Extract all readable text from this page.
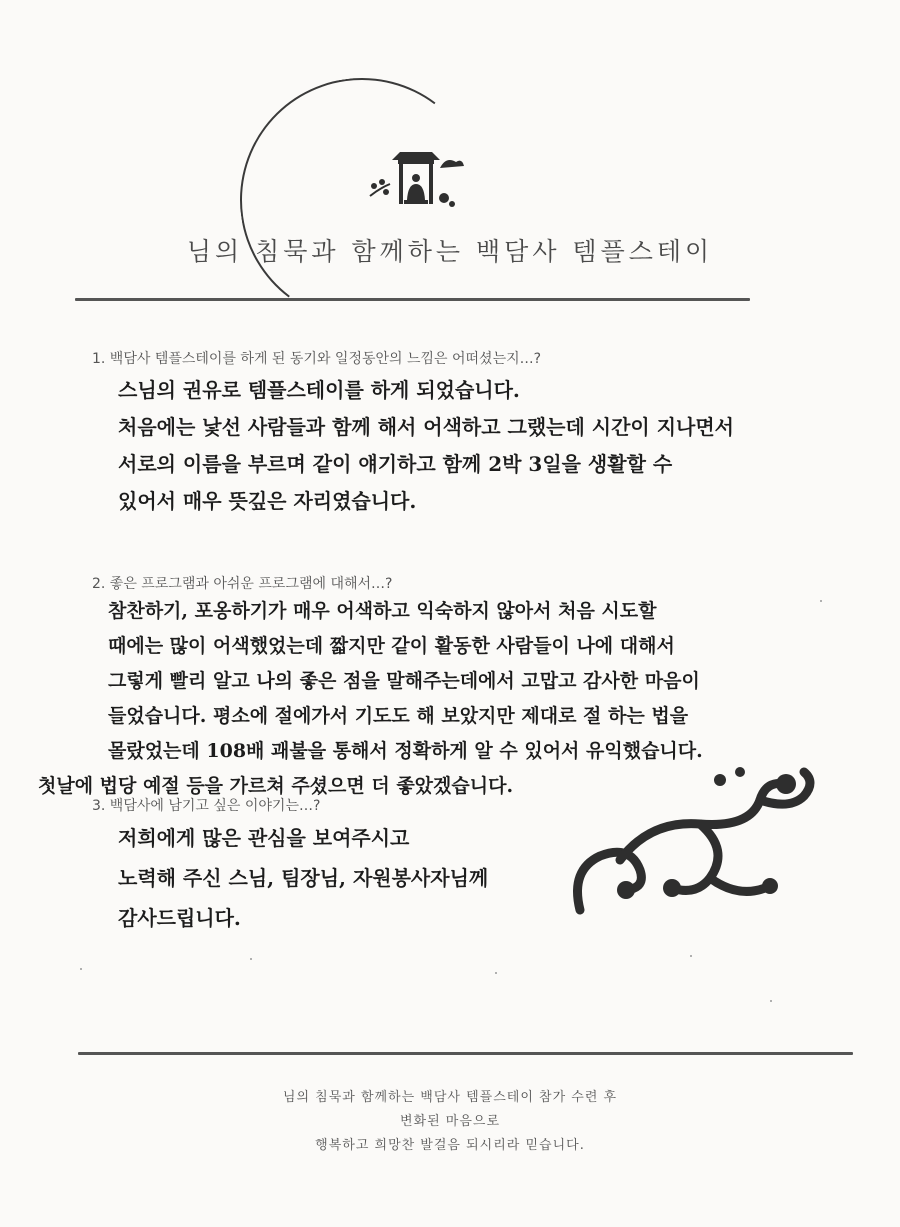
님의 침묵과 함께하는 백담사 템플스테이
1. 백담사 템플스테이를 하게 된 동기와 일정동안의 느낌은 어떠셨는지…?
스님의 권유로 템플스테이를 하게 되었습니다.
처음에는 낯선 사람들과 함께 해서 어색하고 그랬는데 시간이 지나면서
서로의 이름을 부르며 같이 얘기하고 함께 2박 3일을 생활할 수
있어서 매우 뜻깊은 자리였습니다.
2. 좋은 프로그램과 아쉬운 프로그램에 대해서…?
참찬하기, 포옹하기가 매우 어색하고 익숙하지 않아서 처음 시도할
때에는 많이 어색했었는데 짧지만 같이 활동한 사람들이 나에 대해서
그렇게 빨리 알고 나의 좋은 점을 말해주는데에서 고맙고 감사한 마음이
들었습니다. 평소에 절에가서 기도도 해 보았지만 제대로 절 하는 법을
몰랐었는데 108배 괘불을 통해서 정확하게 알 수 있어서 유익했습니다.
첫날에 법당 예절 등을 가르쳐 주셨으면 더 좋았겠습니다.
3. 백담사에 남기고 싶은 이야기는…?
저희에게 많은 관심을 보여주시고
노력해 주신 스님, 팀장님, 자원봉사자님께
감사드립니다.
님의 침묵과 함께하는 백담사 템플스테이 참가 수련 후
변화된 마음으로
행복하고 희망찬 발걸음 되시리라 믿습니다.
